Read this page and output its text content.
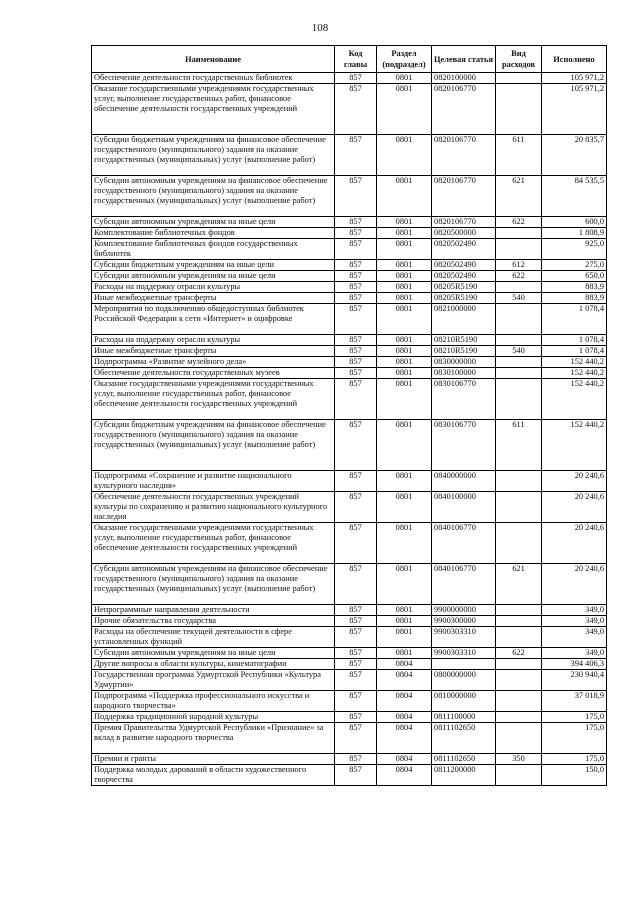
108
Наименование	Код главы	Раздел (подраздел)	Целевая статья	Вид расходов	Исполнено
Обеспечение деятельности государственных библиотек	857	0801	0820100000		105 971,2
Оказание государственными учреждениями государственных услуг, выполнение государственных работ, финансовое обеспечение деятельности государственных учреждений	857	0801	0820106770		105 971,2
Субсидии бюджетным учреждениям на финансовое обеспечение государственного (муниципального) задания на оказание государственных (муниципальных) услуг (выполнение работ)	857	0801	0820106770	611	20 835,7
Субсидии автономным учреждениям на финансовое обеспечение государственного (муниципального) задания на оказание государственных (муниципальных) услуг (выполнение работ)	857	0801	0820106770	621	84 535,5
Субсидии автономным учреждениям на иные цели	857	0801	0820106770	622	600,0
Комплектование библиотечных фондов	857	0801	0820500000		1 808,9
Комплектование библиотечных фондов государственных библиотек	857	0801	0820502490		925,0
Субсидии бюджетным учреждениям на иные цели	857	0801	0820502490	612	275,0
Субсидии автономным учреждениям на иные цели	857	0801	0820502490	622	650,0
Расходы на поддержку отрасли культуры	857	0801	08205R5190		883,9
Иные межбюджетные трансферты	857	0801	08205R5190	540	883,9
Мероприятия по подключению общедоступных библиотек Российской Федерации к сети «Интернет» и оцифровке	857	0801	0821000000		1 078,4
Расходы на поддержку отрасли культуры	857	0801	08210R5190		1 078,4
Иные межбюджетные трансферты	857	0801	08210R5190	540	1 078,4
Подпрограмма «Развитие музейного дела»	857	0801	0830000000		152 440,2
Обеспечение деятельности государственных музеев	857	0801	0830100000		152 440,2
Оказание государственными учреждениями государственных услуг, выполнение государственных работ, финансовое обеспечение деятельности государственных учреждений	857	0801	0830106770		152 440,2
Субсидии бюджетным учреждениям на финансовое обеспечение государственного (муниципального) задания на оказание государственных (муниципальных) услуг (выполнение работ)	857	0801	0830106770	611	152 440,2
Подпрограмма «Сохранение и развитие национального культурного наследия»	857	0801	0840000000		20 240,6
Обеспечение деятельности государственных учреждений культуры по сохранению и развитию национального культурного наследия	857	0801	0840100000		20 240,6
Оказание государственными учреждениями государственных услуг, выполнение государственных работ, финансовое обеспечение деятельности государственных учреждений	857	0801	0840106770		20 240,6
Субсидии автономным учреждениям на финансовое обеспечение государственного (муниципального) задания на оказание государственных (муниципальных) услуг (выполнение работ)	857	0801	0840106770	621	20 240,6
Непрограммные направления деятельности	857	0801	9900000000		349,0
Прочие обязательства государства	857	0801	9900300000		349,0
Расходы на обеспечение текущей деятельности в сфере установленных функций	857	0801	9900303310		349,0
Субсидии автономным учреждениям на иные цели	857	0801	9900303310	622	349,0
Другие вопросы в области культуры, кинематографии	857	0804			394 406,3
Государственная программа Удмуртской Республики «Культура Удмуртии»	857	0804	0800000000		230 940,4
Подпрограмма «Поддержка профессионального искусства и народного творчества»	857	0804	0810000000		37 018,9
Поддержка традиционной народной культуры	857	0804	0811100000		175,0
Премия Правительства Удмуртской Республики «Признание» за вклад в развитие народного творчества	857	0804	0811102650		175,0
Премии и гранты	857	0804	0811102650	350	175,0
Поддержка молодых дарований в области художественного творчества	857	0804	0811200000		150,0
